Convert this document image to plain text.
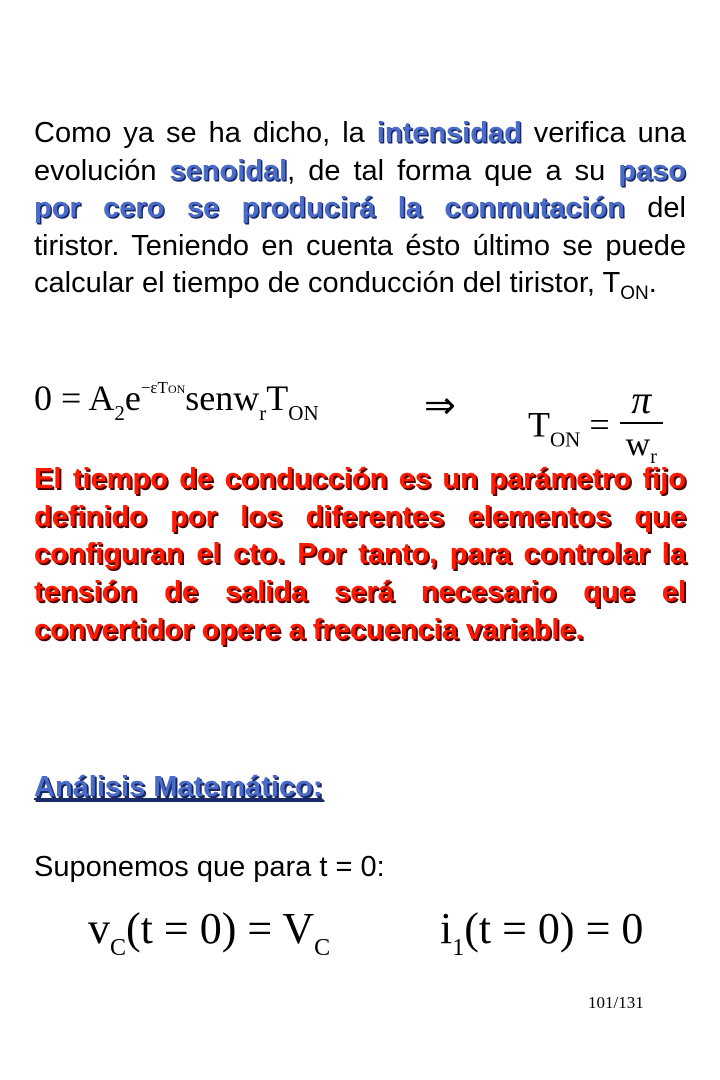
Como ya se ha dicho, la intensidad verifica una evolución senoidal, de tal forma que a su paso por cero se producirá la conmutación del tiristor. Teniendo en cuenta ésto último se puede calcular el tiempo de conducción del tiristor, $T_{ON}$.

$0 = A_2e^{-\varepsilon TON}senw_rT_{ON}$	⇒ $T_{ON} = \frac{\pi}{w_r}$

El tiempo de conducción es un parámetro fijo definido por los diferentes elementos que configuran el cto. Por tanto, para controlar la tensión de salida será necesario que el convertidor opere a frecuencia variable.

Análisis Matemático:

Suponemos que para t = 0:

$v_C(t = 0) = V_C$ $i_1(t = 0) = 0$

101/131
